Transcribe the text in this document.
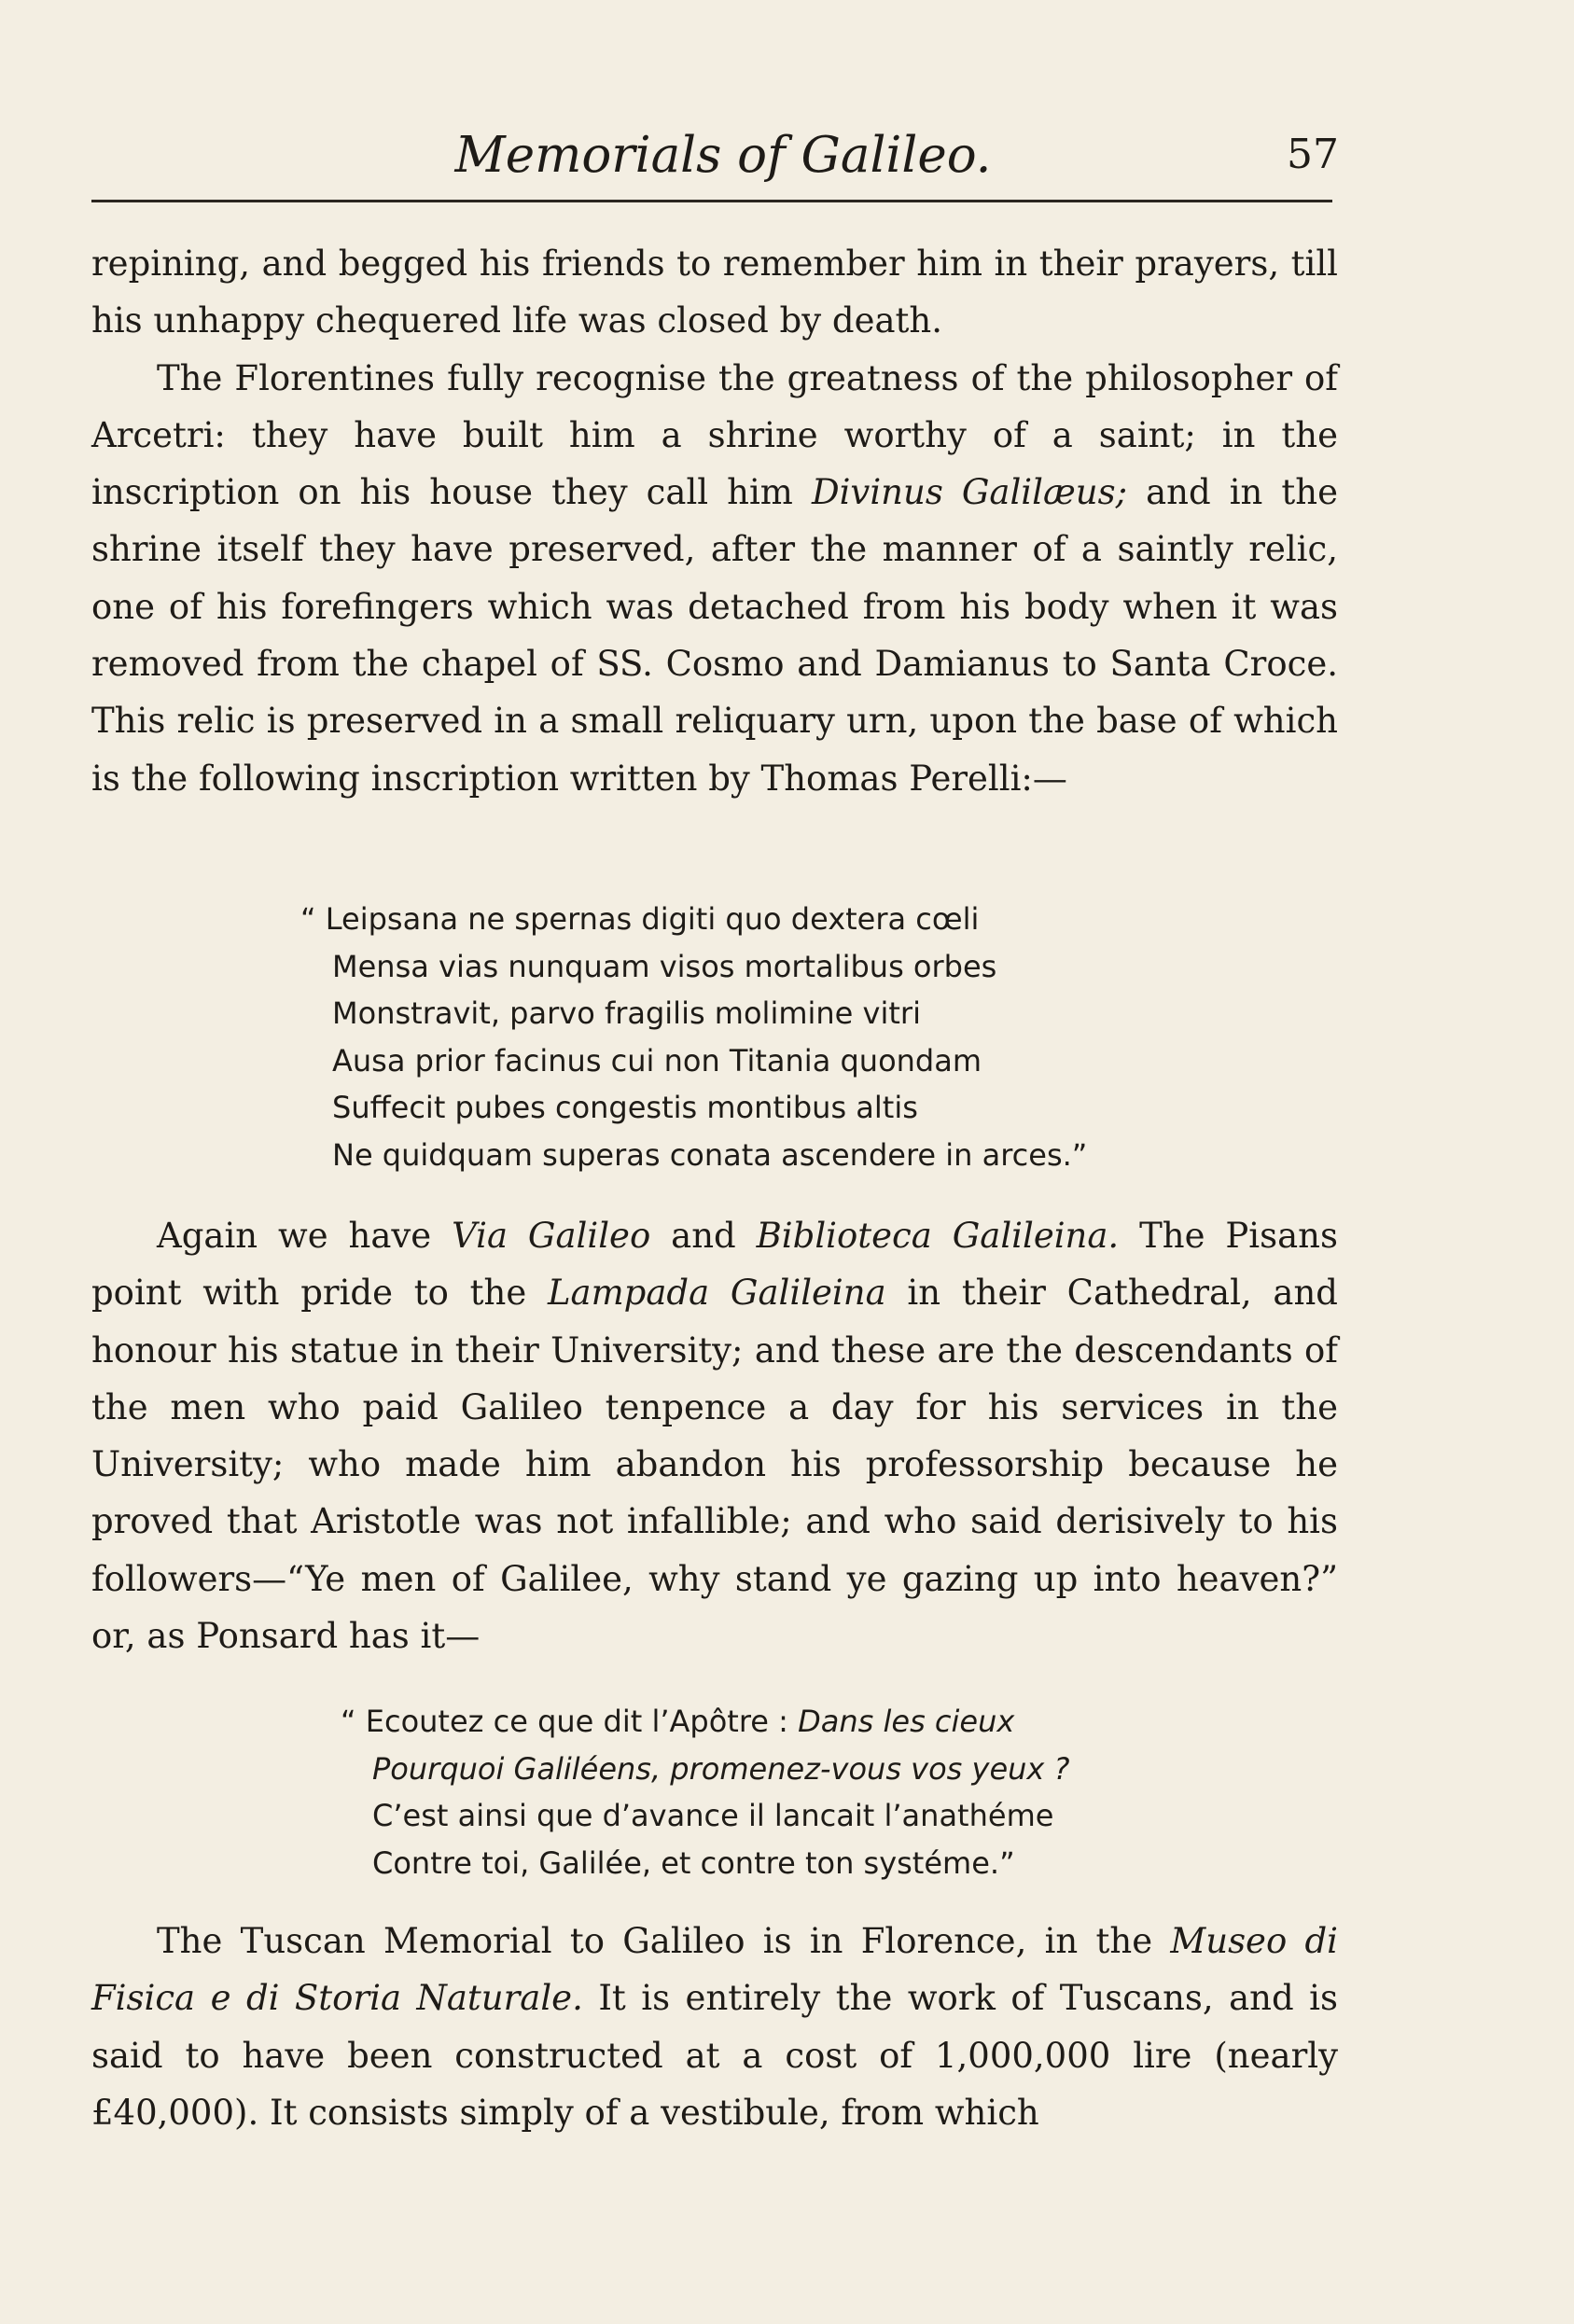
Memorials of Galileo.	57
repining, and begged his friends to remember him in their prayers, till his unhappy chequered life was closed by death.
The Florentines fully recognise the greatness of the philosopher of Arcetri: they have built him a shrine worthy of a saint; in the inscription on his house they call him Divinus Galilæus; and in the shrine itself they have preserved, after the manner of a saintly relic, one of his forefingers which was detached from his body when it was removed from the chapel of SS. Cosmo and Damianus to Santa Croce. This relic is preserved in a small reliquary urn, upon the base of which is the following inscription written by Thomas Perelli:—
“ Leipsana ne spernas digiti quo dextera cœli
Mensa vias nunquam visos mortalibus orbes
Monstravit, parvo fragilis molimine vitri
Ausa prior facinus cui non Titania quondam
Suffecit pubes congestis montibus altis
Ne quidquam superas conata ascendere in arces.”
Again we have Via Galileo and Biblioteca Galileina. The Pisans point with pride to the Lampada Galileina in their Cathedral, and honour his statue in their University; and these are the descendants of the men who paid Galileo tenpence a day for his services in the University; who made him abandon his professorship because he proved that Aristotle was not infallible; and who said derisively to his followers—“Ye men of Galilee, why stand ye gazing up into heaven?” or, as Ponsard has it—
“ Ecoutez ce que dit l’Apôtre : Dans les cieux
Pourquoi Galiléens, promenez-vous vos yeux ?
C’est ainsi que d’avance il lancait l’anathéme
Contre toi, Galilée, et contre ton systéme.”
The Tuscan Memorial to Galileo is in Florence, in the Museo di Fisica e di Storia Naturale. It is entirely the work of Tuscans, and is said to have been constructed at a cost of 1,000,000 lire (nearly £40,000). It consists simply of a vestibule, from which
